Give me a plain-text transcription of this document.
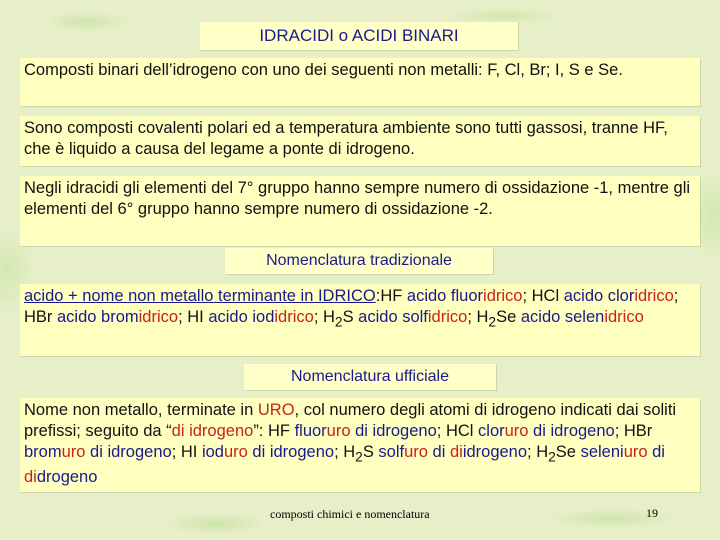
IDRACIDI o ACIDI BINARI
Composti binari dell’idrogeno con uno dei seguenti non metalli: F, Cl, Br; I, S e Se.
Sono composti covalenti polari ed a temperatura ambiente sono tutti gassosi, tranne HF, che è liquido a causa del legame a ponte di idrogeno.
Negli idracidi gli elementi del 7° gruppo hanno sempre numero di ossidazione -1, mentre gli elementi del 6° gruppo hanno sempre numero di ossidazione -2.
Nomenclatura tradizionale
acido + nome non metallo terminante in IDRICO:HF acido fluoridrico; HCl acido cloridrico; HBr acido bromidrico; HI acido iodidrico; $H_2S$ acido solfidrico; $H_2Se$ acido selenidrico
Nomenclatura ufficiale
Nome non metallo, terminate in URO, col numero degli atomi di idrogeno indicati dai soliti prefissi; seguito da “di idrogeno”: HF fluoruro di idrogeno; HCl cloruro di idrogeno; HBr bromuro di idrogeno; HI ioduro di idrogeno; $H_2S$ solfuro di diidrogeno; $H_2Se$ seleniuro di didrogeno
composti chimici e nomenclatura	19
